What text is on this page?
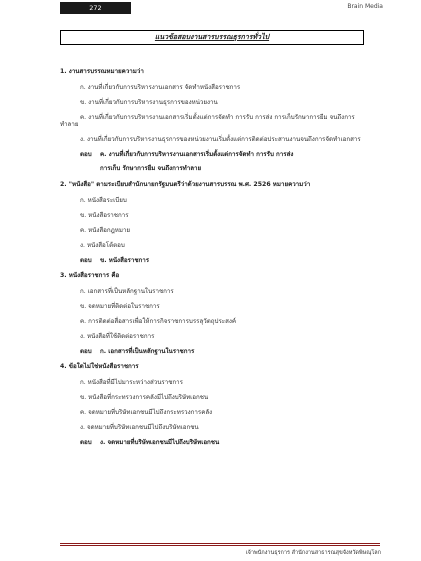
272	Brain Media
แนวข้อสอบงานสารบรรณธุรการทั่วไป
1. งานสารบรรณหมายความว่า
ก. งานที่เกี่ยวกับการบริหารงานเอกสาร จัดทำหนังสือราชการ
ข. งานที่เกี่ยวกับการบริหารงานธุรการของหน่วยงาน
ค. งานที่เกี่ยวกับการบริหารงานเอกสารเริ่มตั้งแต่การจัดทำ การรับ การส่ง การเก็บรักษาการยืม จนถึงการทำลาย
ง. งานที่เกี่ยวกับการบริหารงานธุรการของหน่วยงานเริ่มตั้งแต่การติดต่อประสานงานจนถึงการจัดทำเอกสาร
ตอบ ค. งานที่เกี่ยวกับการบริหารงานเอกสารเริ่มตั้งแต่การจัดทำ การรับ การส่ง
การเก็บ รักษาการยืม จนถึงการทำลาย
2. "หนังสือ" ตามระเบียบสำนักนายกรัฐมนตรีว่าด้วยงานสารบรรณ พ.ศ. 2526 หมายความว่า
ก. หนังสือระเบียบ
ข. หนังสือราชการ
ค. หนังสือกฎหมาย
ง. หนังสือโต้ตอบ
ตอบ ข. หนังสือราชการ
3. หนังสือราชการ คือ
ก. เอกสารที่เป็นหลักฐานในราชการ
ข. จดหมายที่ติดต่อในราชการ
ค. การติดต่อสื่อสารเพื่อให้การกิจราชการบรรลุวัตถุประสงค์
ง. หนังสือที่ใช้ติดต่อราชการ
ตอบ ก. เอกสารที่เป็นหลักฐานในราชการ
4. ข้อใดไม่ใช่หนังสือราชการ
ก. หนังสือที่มีไปมาระหว่างส่วนราชการ
ข. หนังสือที่กระทรวงการคลังมีไปถึงบริษัทเอกชน
ค. จดหมายที่บริษัทเอกชนมีไปถึงกระทรวงการคลัง
ง. จดหมายที่บริษัทเอกชนมีไปถึงบริษัทเอกชน
ตอบ ง. จดหมายที่บริษัทเอกชนมีไปถึงบริษัทเอกชน
เจ้าพนักงานธุรการ สำนักงานสาธารณสุขจังหวัดพิษณุโลก
